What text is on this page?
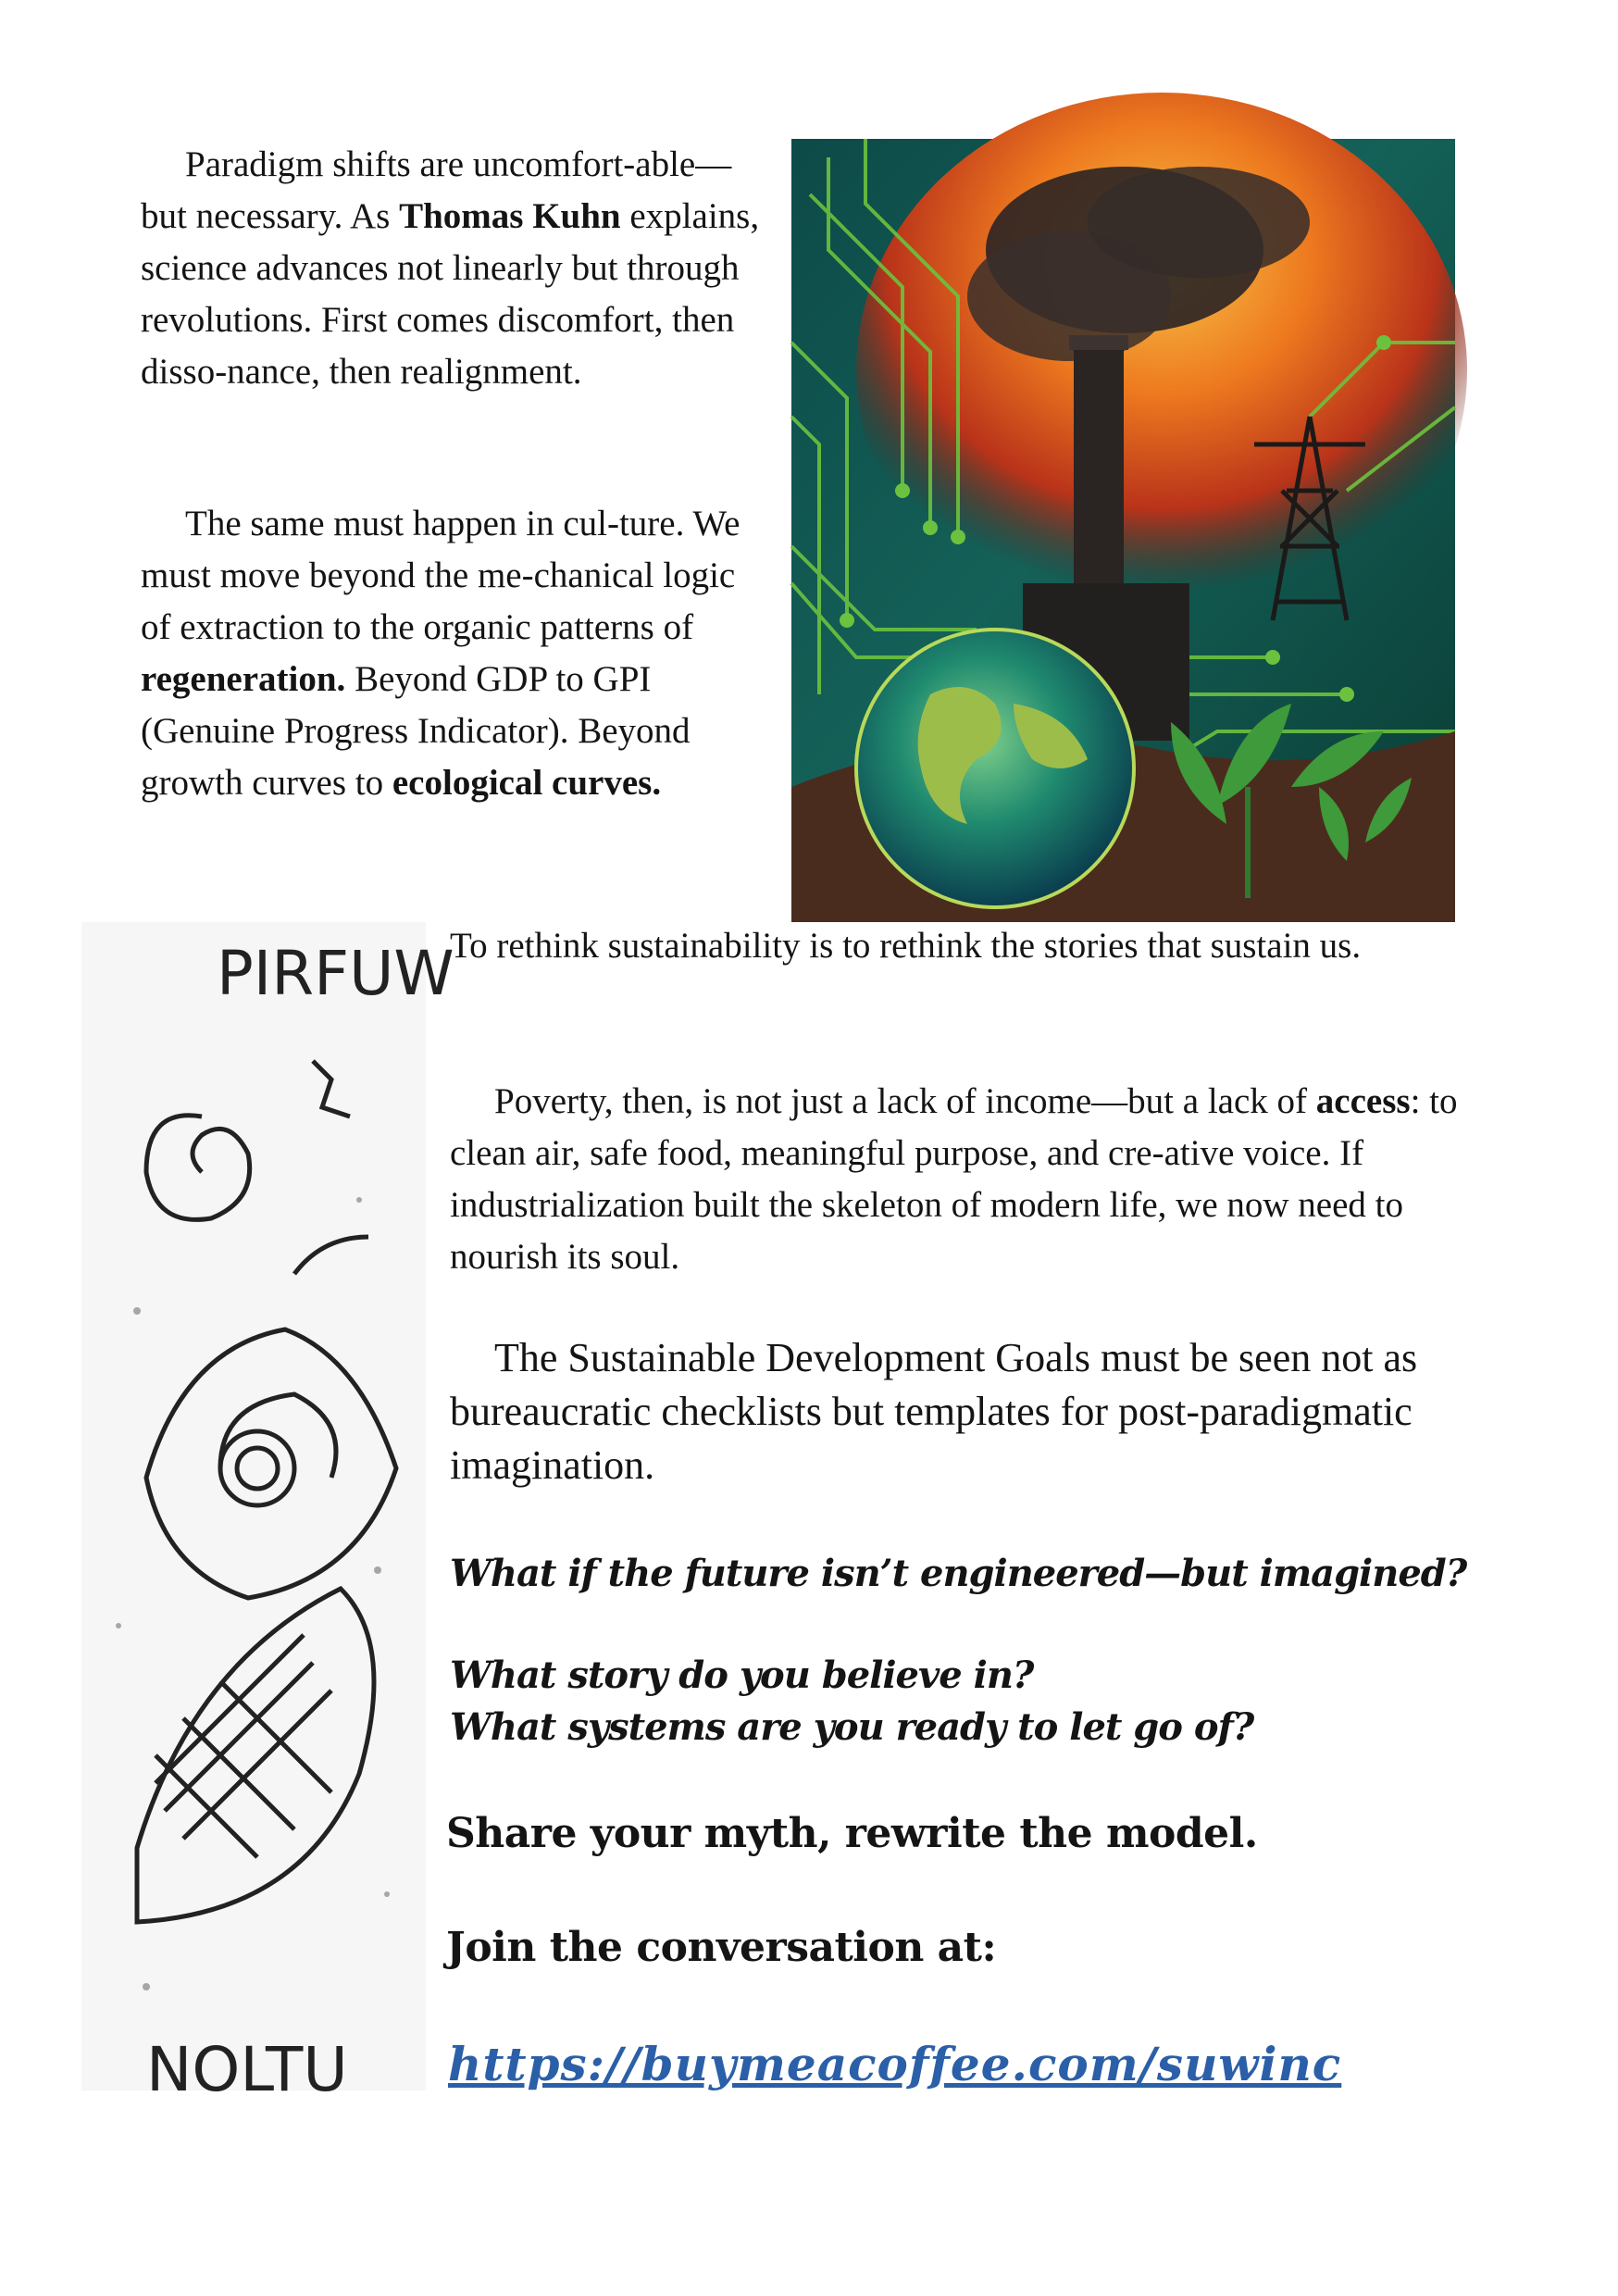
Paradigm shifts are uncomfort-able—but necessary. As Thomas Kuhn explains, science advances not linearly but through revolutions. First comes discomfort, then disso-nance, then realignment.

The same must happen in cul-ture. We must move beyond the me-chanical logic of extraction to the organic patterns of regeneration. Beyond GDP to GPI (Genuine Progress Indicator). Beyond growth curves to ecological curves.

PIRFUW
NOLTU

To rethink sustainability is to rethink the stories that sustain us.

Poverty, then, is not just a lack of income—but a lack of access: to clean air, safe food, meaningful purpose, and cre-ative voice. If industrialization built the skeleton of modern life, we now need to nourish its soul.

The Sustainable Development Goals must be seen not as bureaucratic checklists but templates for post-paradigmatic imagination.

What if the future isn’t engineered—but imagined?

What story do you believe in?

What systems are you ready to let go of?

Share your myth, rewrite the model.

Join the conversation at:

https://buymeacoffee.com/suwinc
